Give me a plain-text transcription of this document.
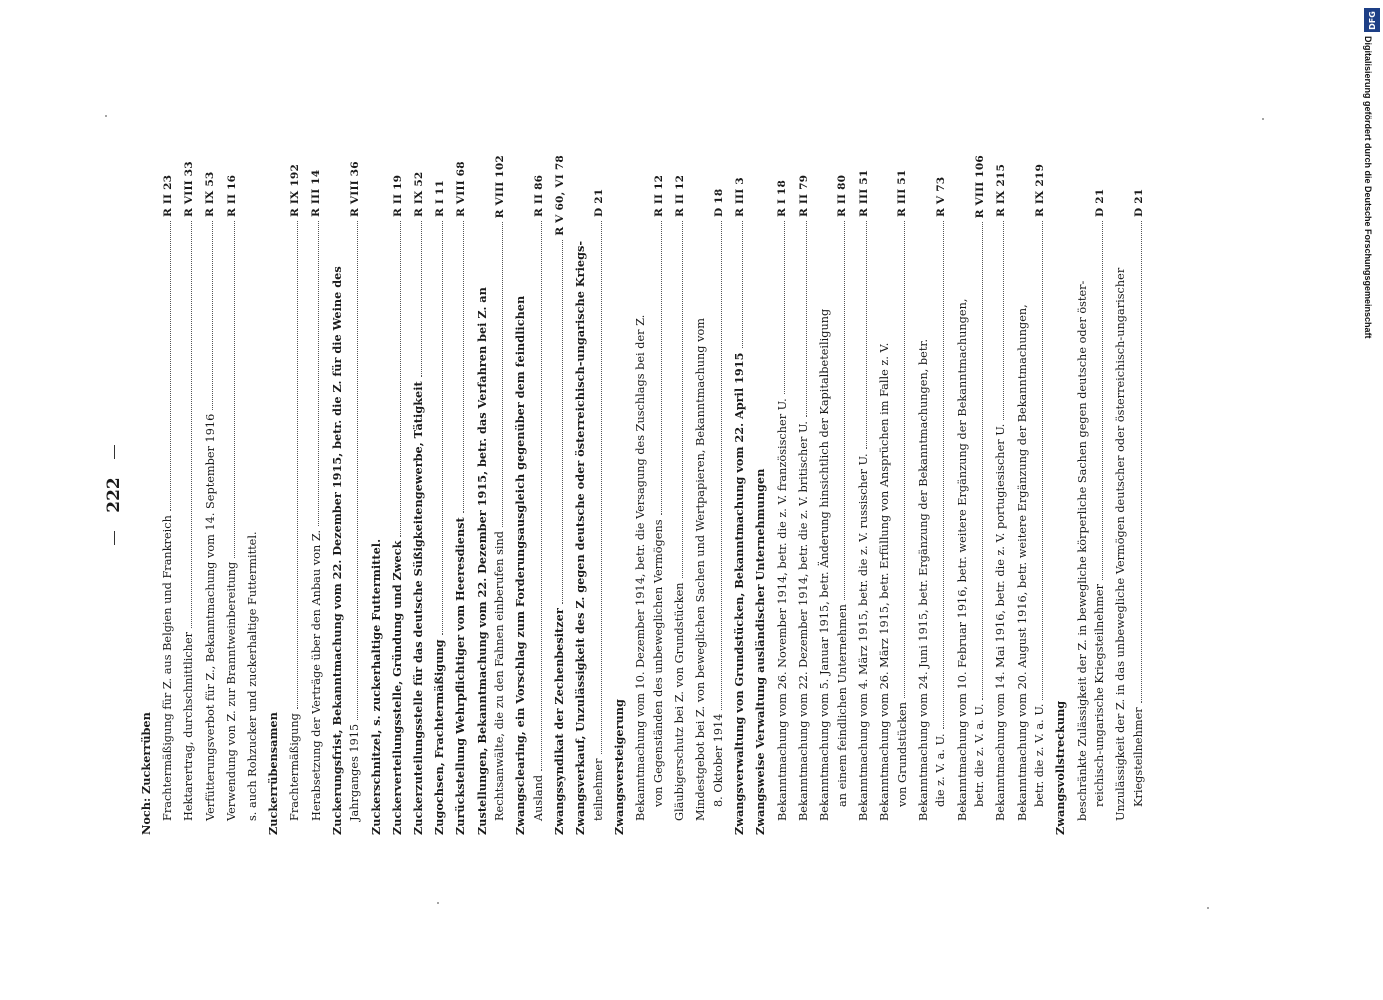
222
Noch: Zuckerrüben Frachtermäßigung für Z. aus Belgien und Frankreich
R II 23
Hektarertrag, durchschnittlicher
R VIII 33
Verfütterungsverbot für Z., Bekanntmachung vom 14. September 1916
R IX 53
Verwendung von Z. zur Branntweinbereitung
R II 16
s. auch Rohzucker und zuckerhaltige Futtermittel. Zuckerrübensamen Frachtermäßigung
R IX 192
Herabsetzung der Verträge über den Anbau von Z.
R III 14
Zuckerungsfrist, Bekanntmachung vom 22. Dezember 1915, betr. die Z. für die Weine des Jahrganges 1915
R VIII 36
Zuckerschnitzel, s. zuckerhaltige Futtermittel. Zuckerverteilungsstelle, Gründung und Zweck
R II 19
Zuckerzuteilungsstelle für das deutsche Süßigkeitengewerbe, Tätigkeit
R IX 52
Zugochsen, Frachtermäßigung
R I 11
Zurückstellung Wehrpflichtiger vom Heeresdienst
R VIII 68
Zustellungen, Bekanntmachung vom 22. Dezember 1915, betr. das Verfahren bei Z. an Rechtsanwälte, die zu den Fahnen einberufen sind
R VIII 102
Zwangsclearing, ein Vorschlag zum Forderungsausgleich gegenüber dem feindlichen Ausland
R II 86
Zwangssyndikat der Zechenbesitzer
R V 60, VI 78
Zwangsverkauf, Unzulässigkeit des Z. gegen deutsche oder österreichisch-ungarische Kriegs- teilnehmer
D 21
Zwangsversteigerung Bekanntmachung vom 10. Dezember 1914, betr. die Versagung des Zuschlags bei der Z. von Gegenständen des unbeweglichen Vermögens
R II 12
Gläubigerschutz bei Z. von Grundstücken
R II 12
Mindestgebot bei Z. von beweglichen Sachen und Wertpapieren, Bekanntmachung vom 8. Oktober 1914
D 18
Zwangsverwaltung von Grundstücken, Bekanntmachung vom 22. April 1915
R III 3
Zwangsweise Verwaltung ausländischer Unternehmungen Bekanntmachung vom 26. November 1914, betr. die z. V. französischer U.
R I 18
Bekanntmachung vom 22. Dezember 1914, betr. die z. V. britischer U.
R II 79
Bekanntmachung vom 5. Januar 1915, betr. Änderung hinsichtlich der Kapitalbeteiligung an einem feindlichen Unternehmen
R II 80
Bekanntmachung vom 4. März 1915, betr. die z. V. russischer U.
R III 51
Bekanntmachung vom 26. März 1915, betr. Erfüllung von Ansprüchen im Falle z. V. von Grundstücken
R III 51
Bekanntmachung vom 24. Juni 1915, betr. Ergänzung der Bekanntmachungen, betr. die z. V. a. U.
R V 73
Bekanntmachung vom 10. Februar 1916, betr. weitere Ergänzung der Bekanntmachungen, betr. die z. V. a. U.
R VIII 106
Bekanntmachung vom 14. Mai 1916, betr. die z. V. portugiesischer U.
R IX 215
Bekanntmachung vom 20. August 1916, betr. weitere Ergänzung der Bekanntmachungen, betr. die z. V. a. U.
R IX 219
Zwangsvollstreckung beschränkte Zulässigkeit der Z. in bewegliche körperliche Sachen gegen deutsche oder öster- reichisch-ungarische Kriegsteilnehmer
D 21
Unzulässigkeit der Z. in das unbewegliche Vermögen deutscher oder österreichisch-ungarischer Kriegsteilnehmer
D 21
DFG
Digitalisierung gefördert durch die Deutsche Forschungsgemeinschaft
